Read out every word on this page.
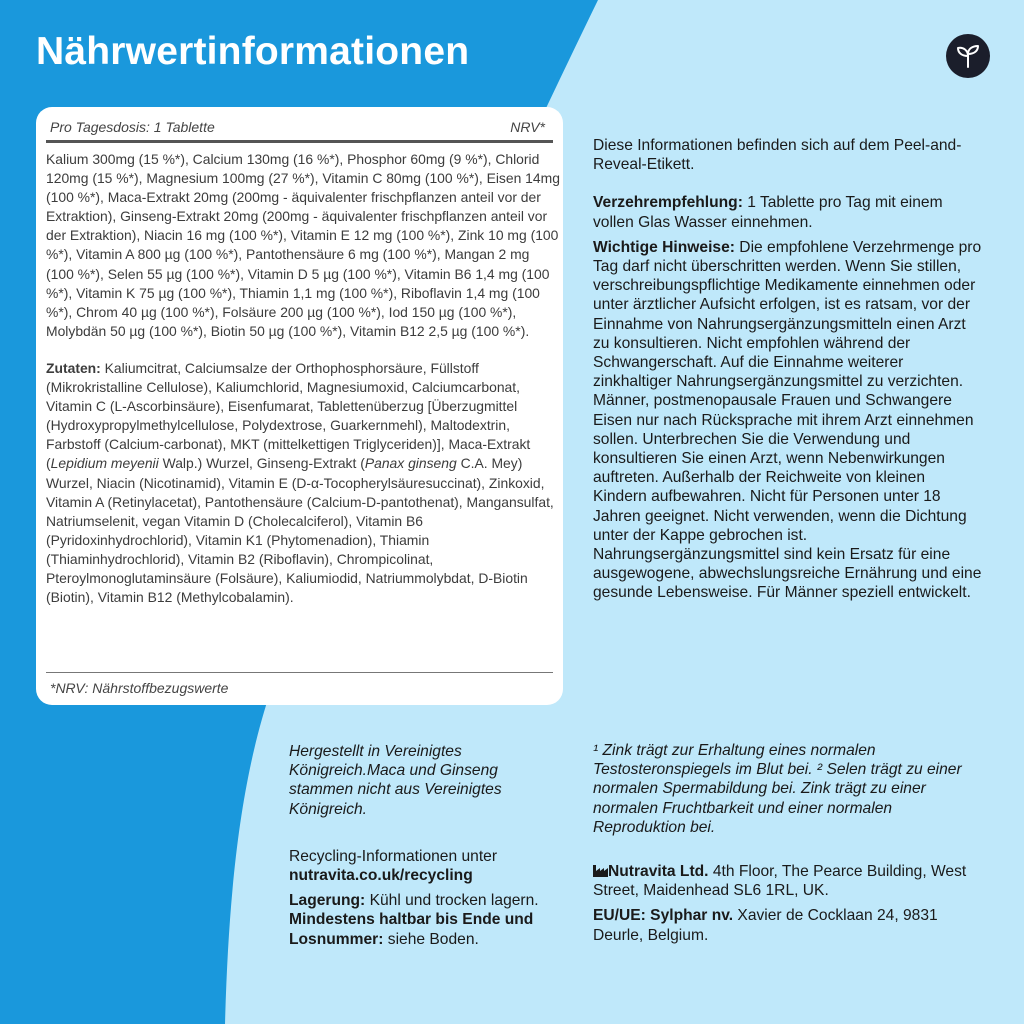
Nährwertinformationen
Pro Tagesdosis: 1 Tablette	NRV*

Kalium 300mg (15 %*), Calcium 130mg (16 %*), Phosphor 60mg (9 %*), Chlorid 120mg (15 %*), Magnesium 100mg (27 %*), Vitamin C 80mg (100 %*), Eisen 14mg (100 %*), Maca-Extrakt 20mg (200mg - äquivalenter frischpflanzen anteil vor der Extraktion), Ginseng-Extrakt 20mg (200mg - äquivalenter frischpflanzen anteil vor der Extraktion), Niacin 16 mg (100 %*), Vitamin E 12 mg (100 %*), Zink 10 mg (100 %*), Vitamin A 800 µg (100 %*), Pantothensäure 6 mg (100 %*), Mangan 2 mg (100 %*), Selen 55 µg (100 %*), Vitamin D 5 µg (100 %*), Vitamin B6 1,4 mg (100 %*), Vitamin K 75 µg (100 %*), Thiamin 1,1 mg (100 %*), Riboflavin 1,4 mg (100 %*), Chrom 40 µg (100 %*), Folsäure 200 µg (100 %*), Iod 150 µg (100 %*), Molybdän 50 µg (100 %*), Biotin 50 µg (100 %*), Vitamin B12 2,5 µg (100 %*).

Zutaten: Kaliumcitrat, Calciumsalze der Orthophosphorsäure, Füllstoff (Mikrokristalline Cellulose), Kaliumchlorid, Magnesiumoxid, Calciumcarbonat, Vitamin C (L-Ascorbinsäure), Eisenfumarat, Tablettenüberzug [Überzugmittel (Hydroxypropylmethylcellulose, Polydextrose, Guarkernmehl), Maltodextrin, Farbstoff (Calcium-carbonat), MKT (mittelkettigen Triglyceriden)], Maca-Extrakt (Lepidium meyenii Walp.) Wurzel, Ginseng-Extrakt (Panax ginseng C.A. Mey) Wurzel, Niacin (Nicotinamid), Vitamin E (D-α-Tocopherylsäuresuccinat), Zinkoxid, Vitamin A (Retinylacetat), Pantothensäure (Calcium-D-pantothenat), Mangansulfat, Natriumselenit, vegan Vitamin D (Cholecalciferol), Vitamin B6 (Pyridoxinhydrochlorid), Vitamin K1 (Phytomenadion), Thiamin (Thiaminhydrochlorid), Vitamin B2 (Riboflavin), Chrompicolinat, Pteroylmonoglutaminsäure (Folsäure), Kaliumiodid, Natriummolybdat, D-Biotin (Biotin), Vitamin B12 (Methylcobalamin).

*NRV: Nährstoffbezugswerte

Diese Informationen befinden sich auf dem Peel-and-Reveal-Etikett.

Verzehrempfehlung: 1 Tablette pro Tag mit einem vollen Glas Wasser einnehmen.

Wichtige Hinweise: Die empfohlene Verzehrmenge pro Tag darf nicht überschritten werden. Wenn Sie stillen, verschreibungspflichtige Medikamente einnehmen oder unter ärztlicher Aufsicht erfolgen, ist es ratsam, vor der Einnahme von Nahrungsergänzungsmitteln einen Arzt zu konsultieren. Nicht empfohlen während der Schwangerschaft. Auf die Einnahme weiterer zinkhaltiger Nahrungsergänzungsmittel zu verzichten. Männer, postmenopausale Frauen und Schwangere Eisen nur nach Rücksprache mit ihrem Arzt einnehmen sollen. Unterbrechen Sie die Verwendung und konsultieren Sie einen Arzt, wenn Nebenwirkungen auftreten. Außerhalb der Reichweite von kleinen Kindern aufbewahren. Nicht für Personen unter 18 Jahren geeignet. Nicht verwenden, wenn die Dichtung unter der Kappe gebrochen ist. Nahrungsergänzungsmittel sind kein Ersatz für eine ausgewogene, abwechslungsreiche Ernährung und eine gesunde Lebensweise. Für Männer speziell entwickelt.

¹ Zink trägt zur Erhaltung eines normalen Testosteronspiegels im Blut bei. ² Selen trägt zu einer normalen Spermabildung bei. Zink trägt zu einer normalen Fruchtbarkeit und einer normalen Reproduktion bei.

Nutravita Ltd. 4th Floor, The Pearce Building, West Street, Maidenhead SL6 1RL, UK.

EU/UE: Sylphar nv. Xavier de Cocklaan 24, 9831 Deurle, Belgium.

Hergestellt in Vereinigtes Königreich.Maca und Ginseng stammen nicht aus Vereinigtes Königreich.

Recycling-Informationen unter nutravita.co.uk/recycling

Lagerung: Kühl und trocken lagern. Mindestens haltbar bis Ende und Losnummer: siehe Boden.
